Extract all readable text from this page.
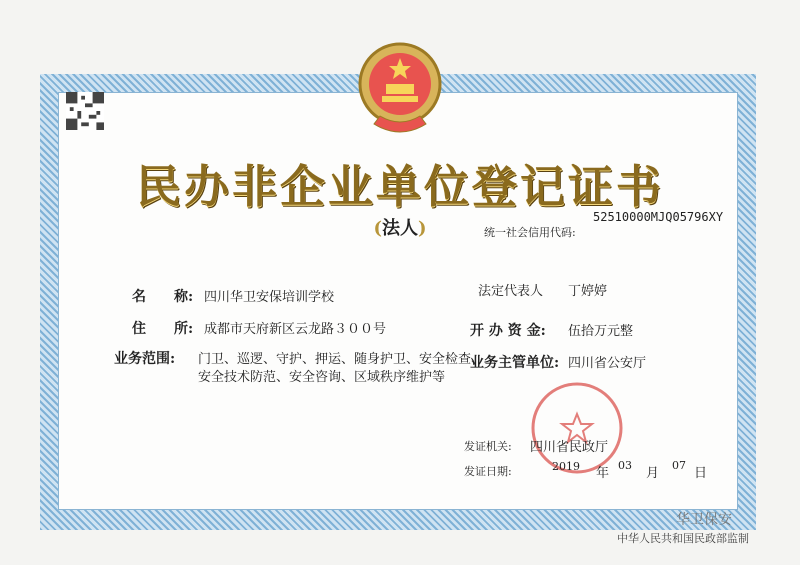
民办非企业单位登记证书
(法人)	统一社会信用代码:
52510000MJQ05796XY
名　　称: 四川华卫安保培训学校
住　　所: 成都市天府新区云龙路３００号
业务范围: 门卫、巡逻、守护、押运、随身护卫、安全检查、
安全技术防范、安全咨询、区域秩序维护等
法定代表人 丁婷婷
开 办 资 金: 伍拾万元整
业务主管单位: 四川省公安厅
发证机关: 四川省民政厅
发证日期:	2019 年
03
月
07
日
中华人民共和国民政部监制
华卫保安
